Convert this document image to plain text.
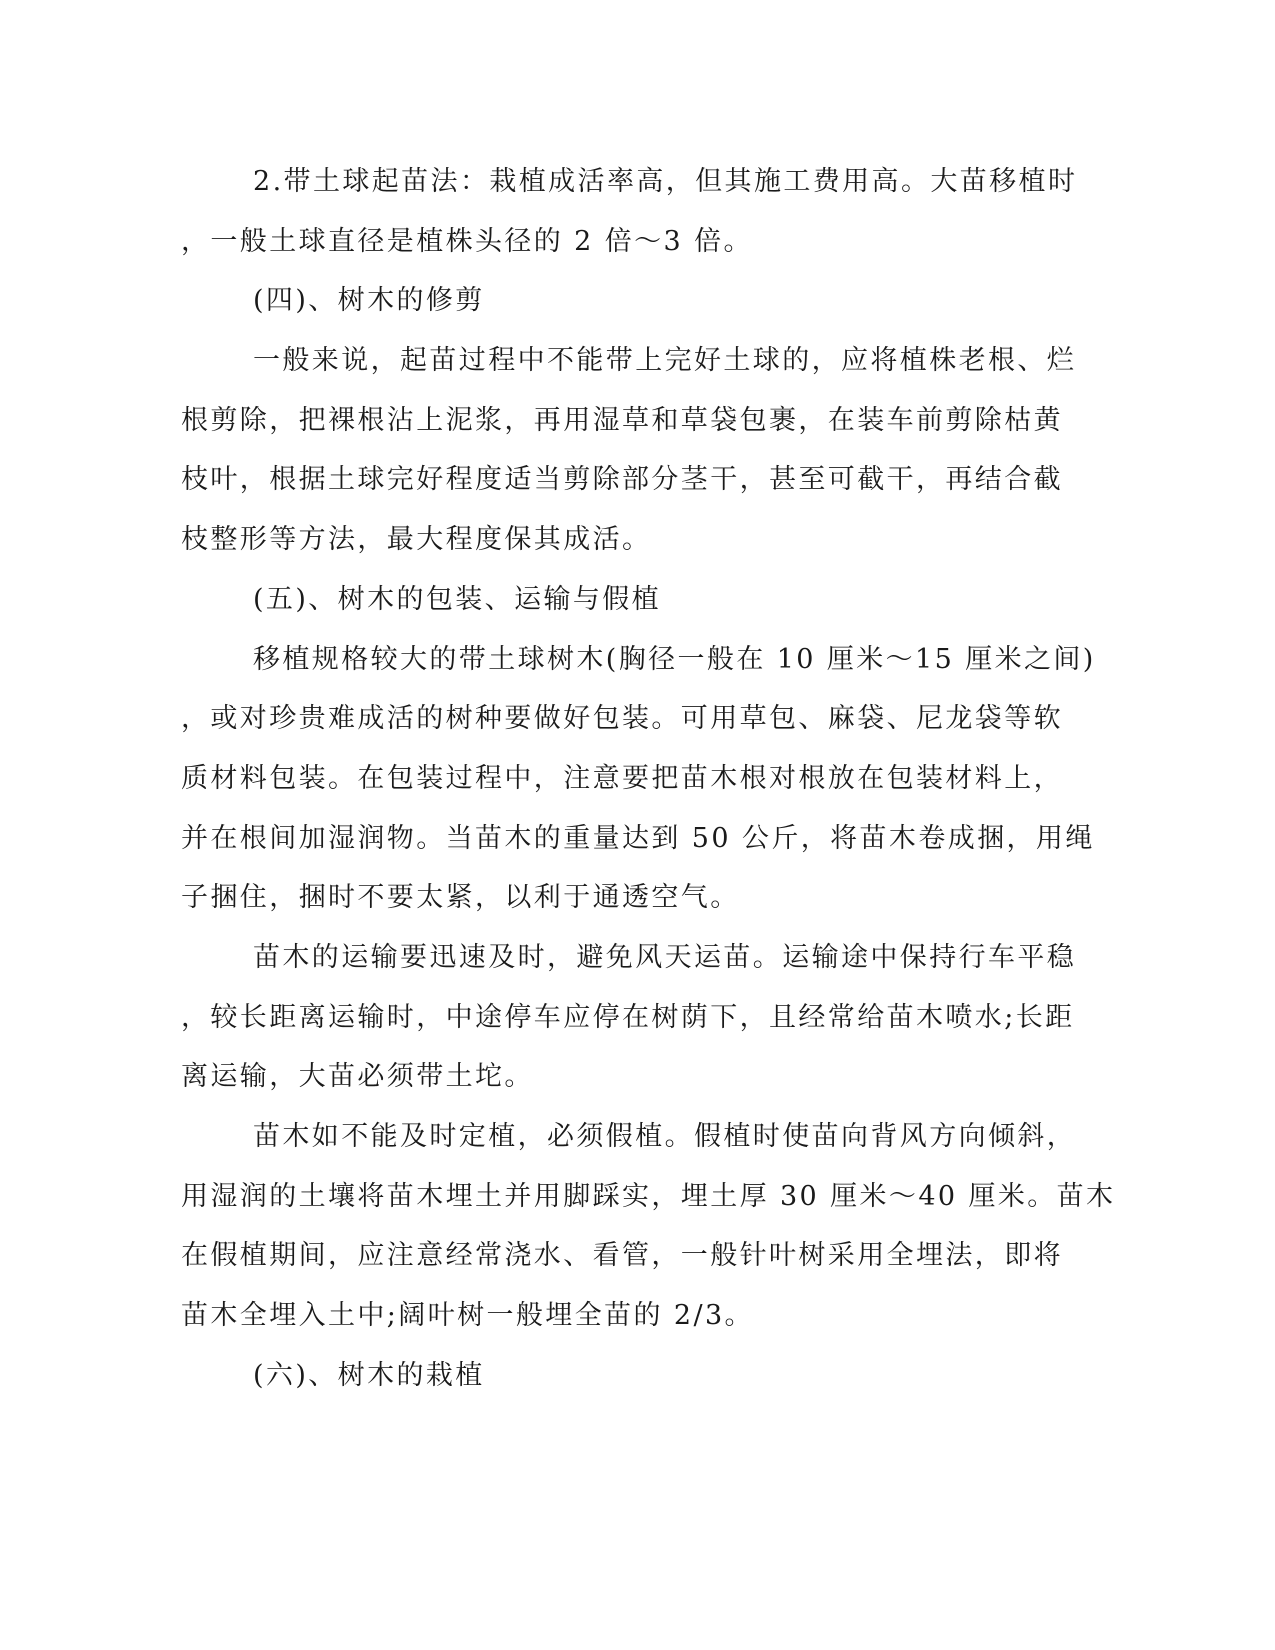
2.带土球起苗法：栽植成活率高，但其施工费用高。大苗移植时
，一般土球直径是植株头径的 2 倍～3 倍。
(四)、树木的修剪
一般来说，起苗过程中不能带上完好土球的，应将植株老根、烂
根剪除，把裸根沾上泥浆，再用湿草和草袋包裹，在装车前剪除枯黄
枝叶，根据土球完好程度适当剪除部分茎干，甚至可截干，再结合截
枝整形等方法，最大程度保其成活。
(五)、树木的包装、运输与假植
移植规格较大的带土球树木(胸径一般在 10 厘米～15 厘米之间)
，或对珍贵难成活的树种要做好包装。可用草包、麻袋、尼龙袋等软
质材料包装。在包装过程中，注意要把苗木根对根放在包装材料上，
并在根间加湿润物。当苗木的重量达到 50 公斤，将苗木卷成捆，用绳
子捆住，捆时不要太紧，以利于通透空气。
苗木的运输要迅速及时，避免风天运苗。运输途中保持行车平稳
，较长距离运输时，中途停车应停在树荫下，且经常给苗木喷水;长距
离运输，大苗必须带土坨。
苗木如不能及时定植，必须假植。假植时使苗向背风方向倾斜，
用湿润的土壤将苗木埋土并用脚踩实，埋土厚 30 厘米～40 厘米。苗木
在假植期间，应注意经常浇水、看管，一般针叶树采用全埋法，即将
苗木全埋入土中;阔叶树一般埋全苗的 2/3。
(六)、树木的栽植
